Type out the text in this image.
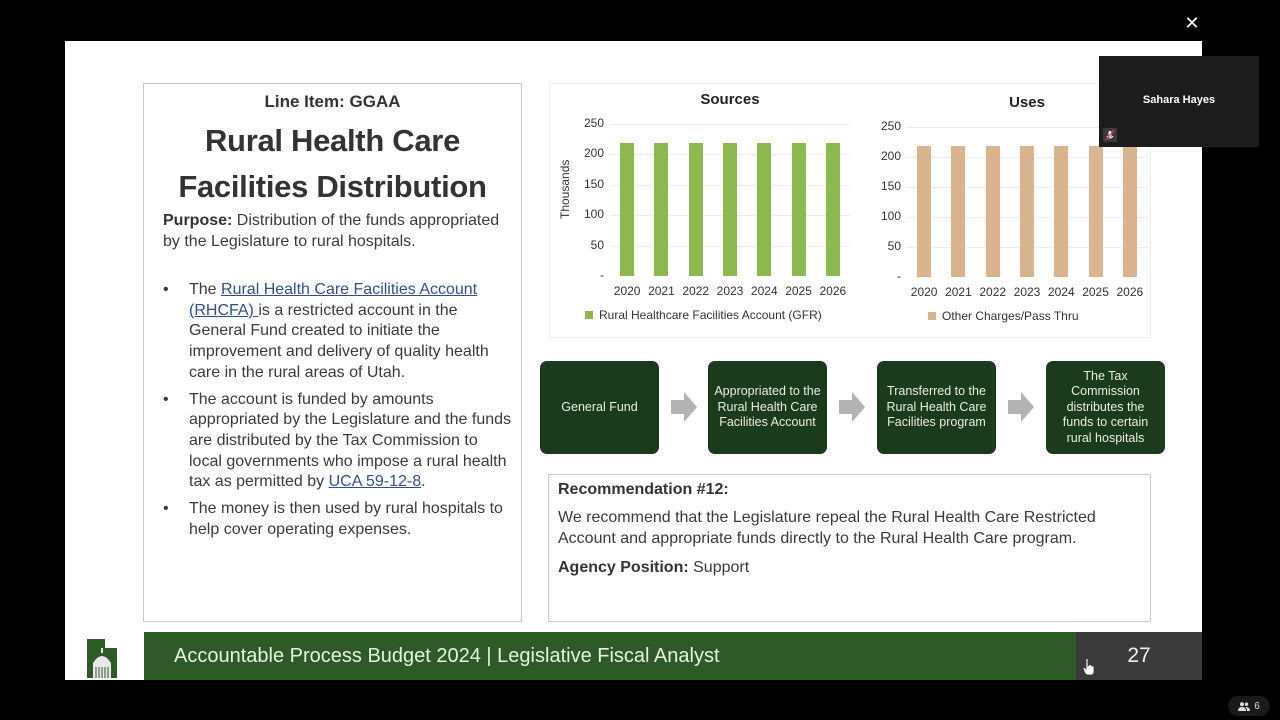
✕
Line Item: GGAA
Rural Health Care
Facilities Distribution
Purpose: Distribution of the funds appropriated by the Legislature to rural hospitals.
• The Rural Health Care Facilities Account (RHCFA) is a restricted account in the General Fund created to initiate the improvement and delivery of quality health care in the rural areas of Utah.
• The account is funded by amounts appropriated by the Legislature and the funds are distributed by the Tax Commission to local governments who impose a rural health tax as permitted by UCA 59-12-8.
• The money is then used by rural hospitals to help cover operating expenses.
Sources
Thousands
-
50
100
150
200
250
2020 2021 2022 2023 2024 2025 2026
Rural Healthcare Facilities Account (GFR)
Uses
-
50
100
150
200
250
2020 2021 2022 2023 2024 2025 2026
Other Charges/Pass Thru
General Fund
Appropriated to the Rural Health Care Facilities Account
Transferred to the Rural Health Care Facilities program
The Tax Commission distributes the funds to certain rural hospitals
Recommendation #12:
We recommend that the Legislature repeal the Rural Health Care Restricted Account and appropriate funds directly to the Rural Health Care program.
Agency Position: Support
Accountable Process Budget 2024 | Legislative Fiscal Analyst	27
Sahara Hayes
6
